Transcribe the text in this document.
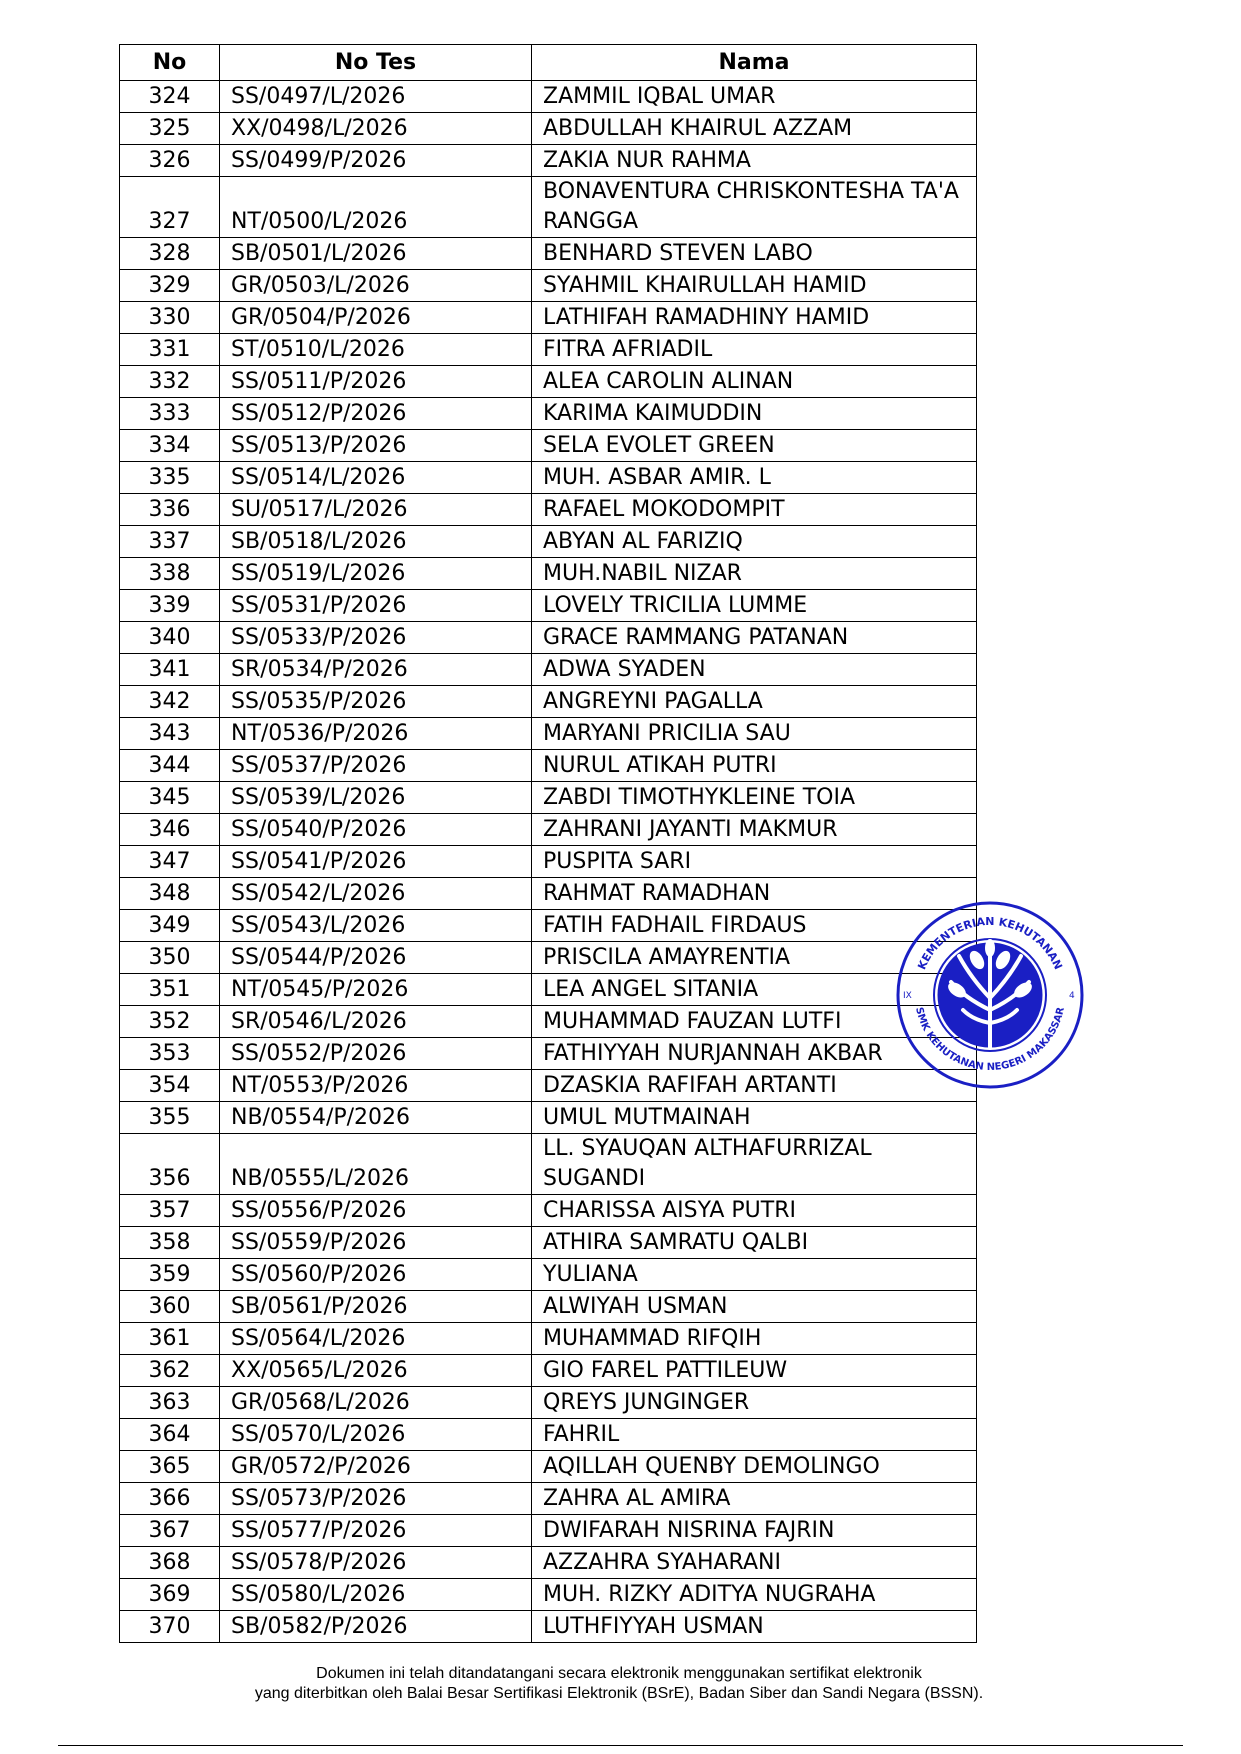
No	No Tes	Nama
324	SS/0497/L/2026	ZAMMIL IQBAL UMAR
325	XX/0498/L/2026	ABDULLAH KHAIRUL AZZAM
326	SS/0499/P/2026	ZAKIA NUR RAHMA
327	NT/0500/L/2026	BONAVENTURA CHRISKONTESHA TA'A RANGGA
328	SB/0501/L/2026	BENHARD STEVEN LABO
329	GR/0503/L/2026	SYAHMIL KHAIRULLAH HAMID
330	GR/0504/P/2026	LATHIFAH RAMADHINY HAMID
331	ST/0510/L/2026	FITRA AFRIADIL
332	SS/0511/P/2026	ALEA CAROLIN ALINAN
333	SS/0512/P/2026	KARIMA KAIMUDDIN
334	SS/0513/P/2026	SELA EVOLET GREEN
335	SS/0514/L/2026	MUH. ASBAR AMIR. L
336	SU/0517/L/2026	RAFAEL MOKODOMPIT
337	SB/0518/L/2026	ABYAN AL FARIZIQ
338	SS/0519/L/2026	MUH.NABIL NIZAR
339	SS/0531/P/2026	LOVELY TRICILIA LUMME
340	SS/0533/P/2026	GRACE RAMMANG PATANAN
341	SR/0534/P/2026	ADWA SYADEN
342	SS/0535/P/2026	ANGREYNI PAGALLA
343	NT/0536/P/2026	MARYANI PRICILIA SAU
344	SS/0537/P/2026	NURUL ATIKAH PUTRI
345	SS/0539/L/2026	ZABDI TIMOTHYKLEINE TOIA
346	SS/0540/P/2026	ZAHRANI JAYANTI MAKMUR
347	SS/0541/P/2026	PUSPITA SARI
348	SS/0542/L/2026	RAHMAT RAMADHAN
349	SS/0543/L/2026	FATIH FADHAIL FIRDAUS
350	SS/0544/P/2026	PRISCILA AMAYRENTIA
351	NT/0545/P/2026	LEA ANGEL SITANIA
352	SR/0546/L/2026	MUHAMMAD FAUZAN LUTFI
353	SS/0552/P/2026	FATHIYYAH NURJANNAH AKBAR
354	NT/0553/P/2026	DZASKIA RAFIFAH ARTANTI
355	NB/0554/P/2026	UMUL MUTMAINAH
356	NB/0555/L/2026	LL. SYAUQAN ALTHAFURRIZAL SUGANDI
357	SS/0556/P/2026	CHARISSA AISYA PUTRI
358	SS/0559/P/2026	ATHIRA SAMRATU QALBI
359	SS/0560/P/2026	YULIANA
360	SB/0561/P/2026	ALWIYAH USMAN
361	SS/0564/L/2026	MUHAMMAD RIFQIH
362	XX/0565/L/2026	GIO FAREL PATTILEUW
363	GR/0568/L/2026	QREYS JUNGINGER
364	SS/0570/L/2026	FAHRIL
365	GR/0572/P/2026	AQILLAH QUENBY DEMOLINGO
366	SS/0573/P/2026	ZAHRA AL AMIRA
367	SS/0577/P/2026	DWIFARAH NISRINA FAJRIN
368	SS/0578/P/2026	AZZAHRA SYAHARANI
369	SS/0580/L/2026	MUH. RIZKY ADITYA NUGRAHA
370	SB/0582/P/2026	LUTHFIYYAH USMAN
KEMENTERIAN KEHUTANAN
SMK KEHUTANAN NEGERI MAKASSAR
IX	4
Dokumen ini telah ditandatangani secara elektronik menggunakan sertifikat elektronik
yang diterbitkan oleh Balai Besar Sertifikasi Elektronik (BSrE), Badan Siber dan Sandi Negara (BSSN).
